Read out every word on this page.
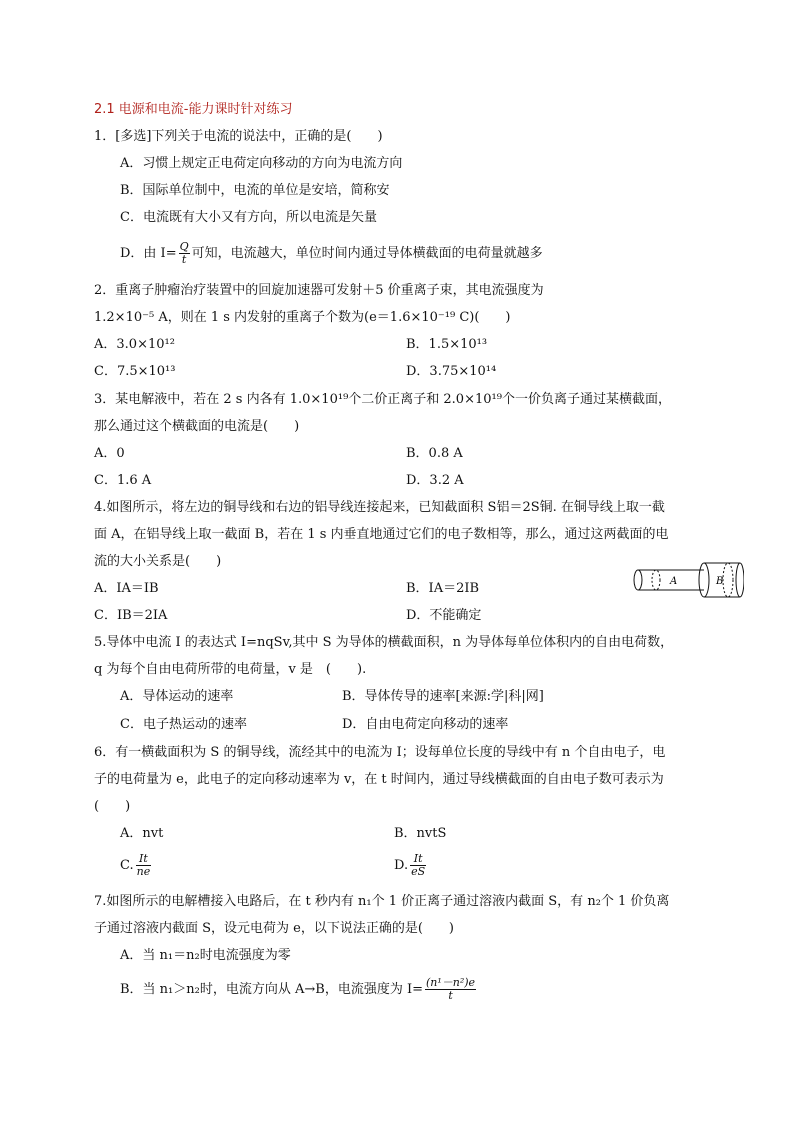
2.1 电源和电流-能力课时针对练习
1．[多选]下列关于电流的说法中，正确的是(　　)
A．习惯上规定正电荷定向移动的方向为电流方向
B．国际单位制中，电流的单位是安培，简称安
C．电流既有大小又有方向，所以电流是矢量
D．由 $I= \frac{Q}{t}$ 可知，电流越大，单位时间内通过导体横截面的电荷量就越多
2．重离子肿瘤治疗装置中的回旋加速器可发射＋5 价重离子束，其电流强度为
1.2×10⁻⁵ A，则在 1 s 内发射的重离子个数为(e＝1.6×10⁻¹⁹ C)(　　)
A．3.0×10¹²	B．1.5×10¹³
C．7.5×10¹³	D．3.75×10¹⁴
3．某电解液中，若在 2 s 内各有 1.0×10¹⁹个二价正离子和 2.0×10¹⁹个一价负离子通过某横截面，
那么通过这个横截面的电流是(　　)
A．0	B．0.8 A
C．1.6 A	D．3.2 A
4.如图所示，将左边的铜导线和右边的铝导线连接起来，已知截面积 S铝＝2S铜. 在铜导线上取一截
面 A，在铝导线上取一截面 B，若在 1 s 内垂直地通过它们的电子数相等，那么，通过这两截面的电
流的大小关系是(　　)
A．IA＝IB	B．IA＝2IB
C．IB＝2IA	D．不能确定
A	B
5.导体中电流 I 的表达式 I=nqSv,其中 S 为导体的横截面积，n 为导体每单位体积内的自由电荷数，
q 为每个自由电荷所带的电荷量，v 是　(　　).
A．导体运动的速率	B．导体传导的速率[来源:学|科|网]
C．电子热运动的速率	D．自由电荷定向移动的速率
6．有一横截面积为 S 的铜导线，流经其中的电流为 I；设每单位长度的导线中有 n 个自由电子，电
子的电荷量为 e，此电子的定向移动速率为 v，在 t 时间内，通过导线横截面的自由电子数可表示为
(　　)
A．nvt	B．nvtS
C. $\frac{It}{ne}$	D. $\frac{It}{eS}$
7.如图所示的电解槽接入电路后，在 t 秒内有 n₁个 1 价正离子通过溶液内截面 S，有 n₂个 1 价负离
子通过溶液内截面 S，设元电荷为 e，以下说法正确的是(　　)
A．当 n₁＝n₂时电流强度为零
B．当 n₁＞n₂时，电流方向从 A→B，电流强度为 $I= \frac{\text{(n¹－n²)e}}{t}$
